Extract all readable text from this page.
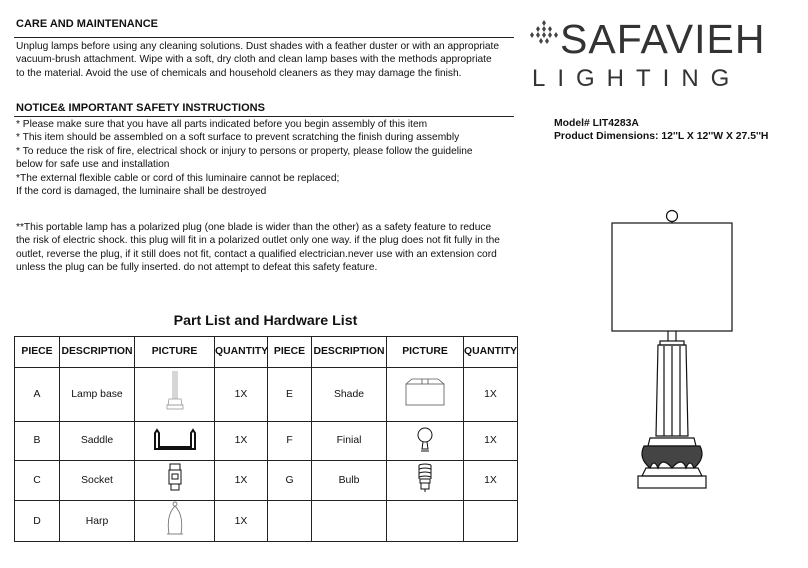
CARE AND MAINTENANCE
Unplug lamps before using any cleaning solutions. Dust shades with a feather duster or with an appropriate
vacuum-brush attachment. Wipe with a soft, dry cloth and clean lamp bases with the methods appropriate
to the material. Avoid the use of chemicals and household cleaners as they may damage the finish.
NOTICE& IMPORTANT SAFETY INSTRUCTIONS
* Please make sure that you have all parts indicated before you begin assembly of this item
* This item should be assembled on a soft surface to prevent scratching the finish during assembly
* To reduce the risk of fire, electrical shock or injury to persons or property, please follow the guideline
below for safe use and installation
*The external flexible cable or cord of this luminaire cannot be replaced;
If the cord is damaged, the luminaire shall be destroyed
**This portable lamp has a polarized plug (one blade is wider than the other) as a safety feature to reduce
the risk of electric shock. this plug will fit in a polarized outlet only one way. if the plug does not fit fully in the
outlet, reverse the plug, if it still does not fit, contact a qualified electrician.never use with an extension cord
unless the plug can be fully inserted. do not attempt to defeat this safety feature.
Part List and Hardware List
PIECE	DESCRIPTION	PICTURE	QUANTITY	PIECE	DESCRIPTION	PICTURE	QUANTITY
A	Lamp base		1X	E	Shade		1X
B	Saddle		1X	F	Finial		1X
C	Socket		1X	G	Bulb		1X
D	Harp		1X				
SAFAVIEH
LIGHTING
Model# LIT4283A
Product Dimensions: 12''L X 12''W X 27.5''H
